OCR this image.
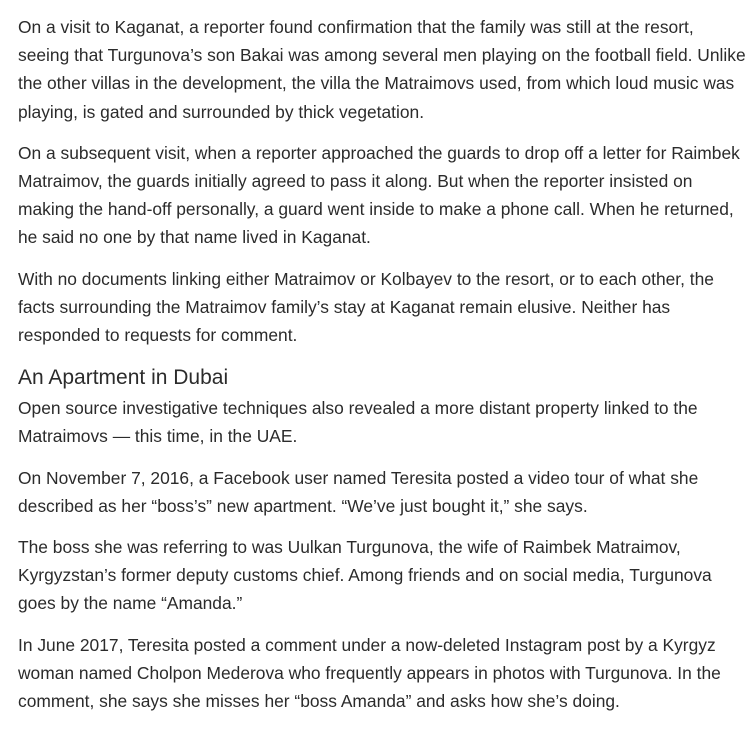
On a visit to Kaganat, a reporter found confirmation that the family was still at the resort, seeing that Turgunova’s son Bakai was among several men playing on the football field. Unlike the other villas in the development, the villa the Matraimovs used, from which loud music was playing, is gated and surrounded by thick vegetation.

On a subsequent visit, when a reporter approached the guards to drop off a letter for Raimbek Matraimov, the guards initially agreed to pass it along. But when the reporter insisted on making the hand-off personally, a guard went inside to make a phone call. When he returned, he said no one by that name lived in Kaganat.

With no documents linking either Matraimov or Kolbayev to the resort, or to each other, the facts surrounding the Matraimov family’s stay at Kaganat remain elusive. Neither has responded to requests for comment.

An Apartment in Dubai

Open source investigative techniques also revealed a more distant property linked to the Matraimovs — this time, in the UAE.

On November 7, 2016, a Facebook user named Teresita posted a video tour of what she described as her “boss’s” new apartment. “We’ve just bought it,” she says.

The boss she was referring to was Uulkan Turgunova, the wife of Raimbek Matraimov, Kyrgyzstan’s former deputy customs chief. Among friends and on social media, Turgunova goes by the name “Amanda.”

In June 2017, Teresita posted a comment under a now-deleted Instagram post by a Kyrgyz woman named Cholpon Mederova who frequently appears in photos with Turgunova. In the comment, she says she misses her “boss Amanda” and asks how she’s doing.
